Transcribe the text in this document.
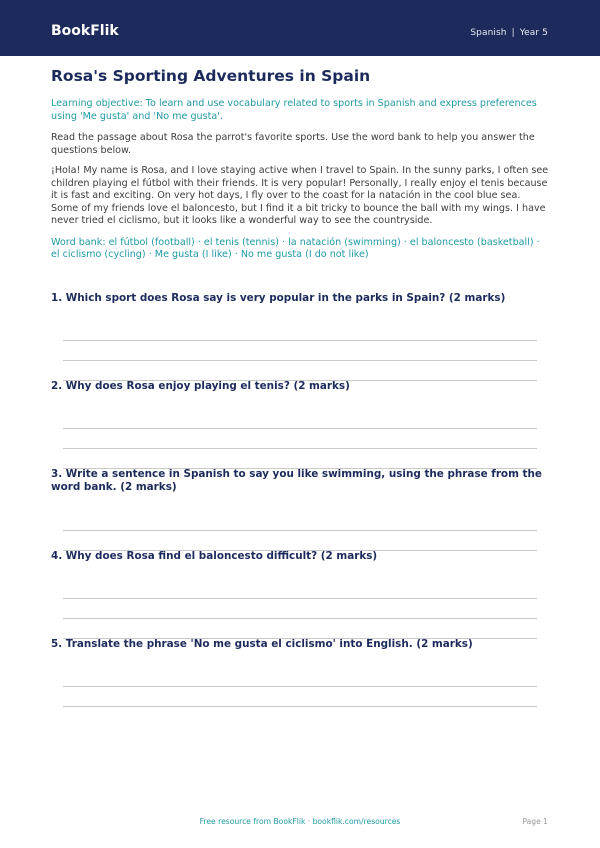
BookFlik	Spanish | Year 5
Rosa's Sporting Adventures in Spain
Learning objective: To learn and use vocabulary related to sports in Spanish and express preferences using 'Me gusta' and 'No me gusta'.
Read the passage about Rosa the parrot's favorite sports. Use the word bank to help you answer the questions below.
¡Hola! My name is Rosa, and I love staying active when I travel to Spain. In the sunny parks, I often see children playing el fútbol with their friends. It is very popular! Personally, I really enjoy el tenis because it is fast and exciting. On very hot days, I fly over to the coast for la natación in the cool blue sea. Some of my friends love el baloncesto, but I find it a bit tricky to bounce the ball with my wings. I have never tried el ciclismo, but it looks like a wonderful way to see the countryside.
Word bank: el fútbol (football) · el tenis (tennis) · la natación (swimming) · el baloncesto (basketball) · el ciclismo (cycling) · Me gusta (I like) · No me gusta (I do not like)
1. Which sport does Rosa say is very popular in the parks in Spain? (2 marks)
2. Why does Rosa enjoy playing el tenis? (2 marks)
3. Write a sentence in Spanish to say you like swimming, using the phrase from the word bank. (2 marks)
4. Why does Rosa find el baloncesto difficult? (2 marks)
5. Translate the phrase 'No me gusta el ciclismo' into English. (2 marks)
Free resource from BookFlik · bookflik.com/resources	Page 1
